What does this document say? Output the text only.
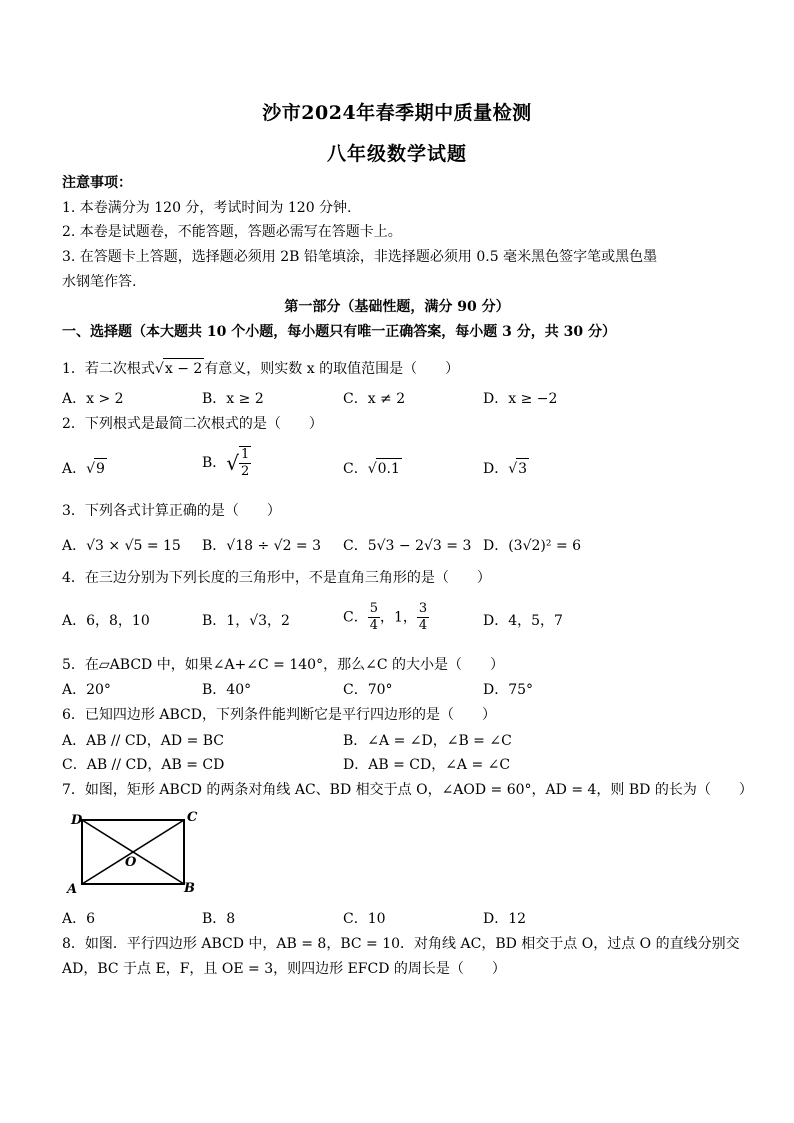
沙市2024年春季期中质量检测
八年级数学试题
注意事项：
1. 本卷满分为 120 分，考试时间为 120 分钟.
2. 本卷是试题卷，不能答题，答题必需写在答题卡上。
3. 在答题卡上答题，选择题必须用 2B 铅笔填涂，非选择题必须用 0.5 毫米黑色签字笔或黑色墨
水钢笔作答.
第一部分（基础性题，满分 90 分）
一、选择题（本大题共 10 个小题，每小题只有唯一正确答案，每小题 3 分，共 30 分）
1．若二次根式√x − 2 有意义，则实数 x 的取值范围是（　　）
A．x > 2	B．x ≥ 2	C．x ≠ 2	D．x ≥ −2
2．下列根式是最简二次根式的是（　　）
A．√9	B．√ $\frac{1}{2}$	C．√0.1	D．√3
3．下列各式计算正确的是（　　）
A．√3 × √5 = 15 B．√18 ÷ √2 = 3 C．5√3 − 2√3 = 3 D．(3√2)² = 6
4．在三边分别为下列长度的三角形中，不是直角三角形的是（　　）
A．6，8，10	B．1，√3，2	C． $\frac{5}{4}$ ，1， $\frac{3}{4}$	D．4，5，7
5．在▱ABCD 中，如果∠A+∠C = 140°，那么∠C 的大小是（　　）
A．20°	B．40°	C．70°	D．75°
6．已知四边形 ABCD，下列条件能判断它是平行四边形的是（　　）
A．AB // CD，AD = BC	B．∠A = ∠D，∠B = ∠C
C．AB // CD，AB = CD	D．AB = CD，∠A = ∠C
7．如图，矩形 ABCD 的两条对角线 AC、BD 相交于点 O，∠AOD = 60°，AD = 4，则 BD 的长为（　　）
D	C
O
A	B
A．6	B．8	C．10	D．12
8．如图．平行四边形 ABCD 中，AB = 8，BC = 10．对角线 AC，BD 相交于点 O，过点 O 的直线分别交
AD，BC 于点 E，F，且 OE = 3，则四边形 EFCD 的周长是（　　）
